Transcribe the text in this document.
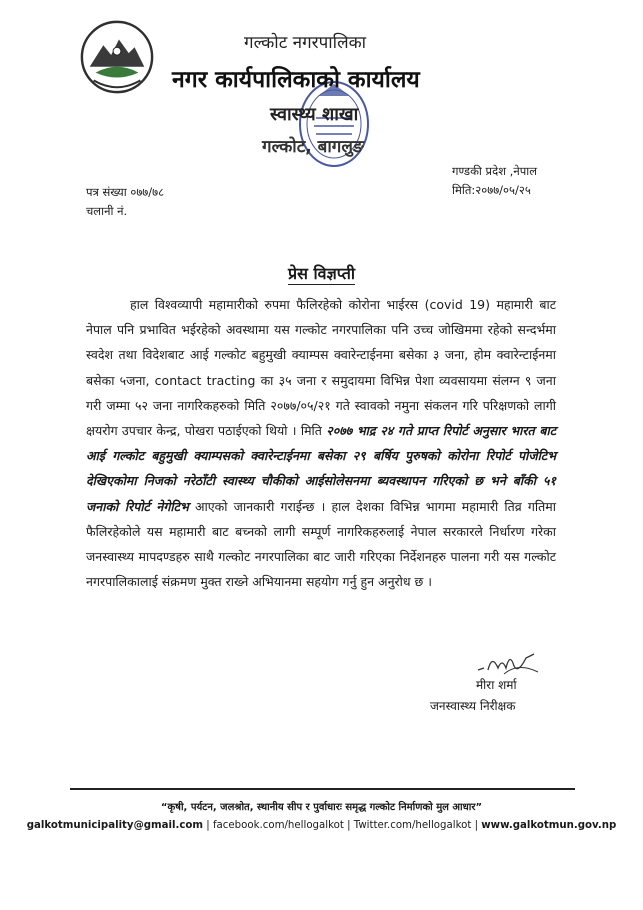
गल्कोट नगरपालिका
नगर कार्यपालिकाको कार्यालय
स्वास्थ्य शाखा
गल्कोट, बागलुङ
गण्डकी प्रदेश ,नेपाल
मिति:२०७७/०५/२५
पत्र संख्या ०७७/७८
चलानी नं.
प्रेस विज्ञप्ती
हाल विश्वव्यापी महामारीको रुपमा फैलिरहेको कोरोना भाईरस (covid 19) महामारी बाट नेपाल पनि प्रभावित भईरहेको अवस्थामा यस गल्कोट नगरपालिका पनि उच्च जोखिममा रहेको सन्दर्भमा स्वदेश तथा विदेशबाट आई गल्कोट बहुमुखी क्याम्पस क्वारेन्टाईनमा बसेका ३ जना, होम क्वारेन्टाईनमा बसेका ५जना, contact tracting का ३५ जना र समुदायमा विभिन्न पेशा व्यवसायमा संलग्न ९ जना गरी जम्मा ५२ जना नागरिकहरुको मिति २०७७/०५/२१ गते स्वावको नमुना संकलन गरि परिक्षणको लागी क्षयरोग उपचार केन्द्र, पोखरा पठाईएको थियो । मिति २०७७ भाद्र २४ गते प्राप्त रिपोर्ट अनुसार भारत बाट आई गल्कोट बहुमुखी क्याम्पसको क्वारेन्टाईनमा बसेका २९ बर्षिय पुरुषको कोरोना रिपोर्ट पोजेटिभ देखिएकोमा निजको नरेठाँटी स्वास्थ्य चौकीको आईसोलेसनमा ब्यवस्थापन गरिएको छ भने बाँकी ५१ जनाको रिपोर्ट नेगेटिभ आएको जानकारी गराईन्छ । हाल देशका विभिन्न भागमा महामारी तिव्र गतिमा फैलिरहेकोले यस महामारी बाट बच्नको लागी सम्पूर्ण नागरिकहरुलाई नेपाल सरकारले निर्धारण गरेका जनस्वास्थ्य मापदण्डहरु साथै गल्कोट नगरपालिका बाट जारी गरिएका निर्देशनहरु पालना गरी यस गल्कोट नगरपालिकालाई संक्रमण मुक्त राख्ने अभियानमा सहयोग गर्नु हुन अनुरोध छ ।
मीरा शर्मा
जनस्वास्थ्य निरीक्षक
“कृषी, पर्यटन, जलश्रोत, स्थानीय सीप र पुर्वाधारः समृद्ध गल्कोट निर्माणको मुल आधार”
galkotmunicipality@gmail.com | facebook.com/hellogalkot | Twitter.com/hellogalkot | www.galkotmun.gov.np
